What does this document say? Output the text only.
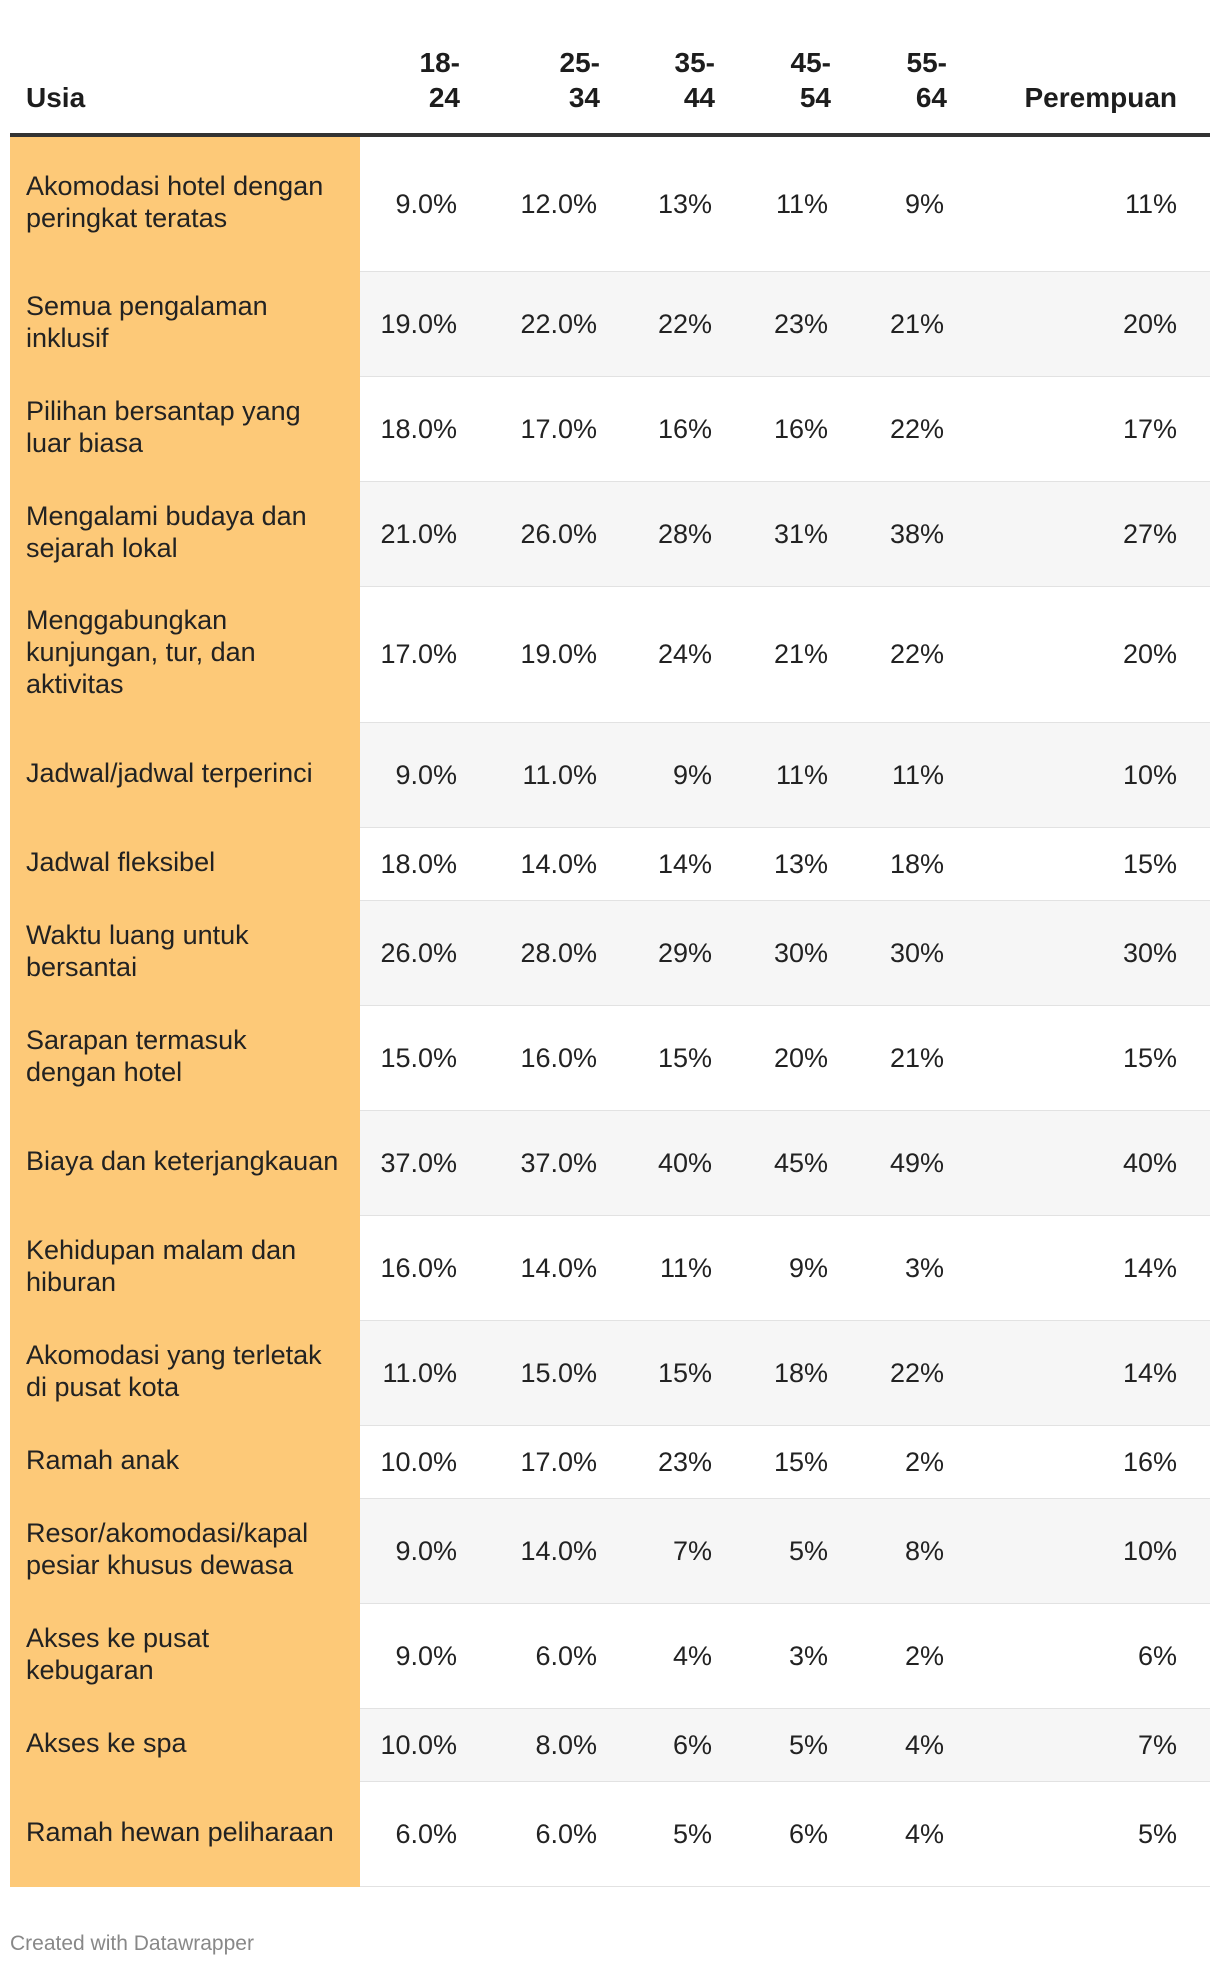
Usia	18-24	25-34	35-44	45-54	55-64	Perempuan
Akomodasi hotel dengan peringkat teratas	9.0%	12.0%	13%	11%	9%	11%
Semua pengalaman inklusif	19.0%	22.0%	22%	23%	21%	20%
Pilihan bersantap yang luar biasa	18.0%	17.0%	16%	16%	22%	17%
Mengalami budaya dan sejarah lokal	21.0%	26.0%	28%	31%	38%	27%
Menggabungkan kunjungan, tur, dan aktivitas	17.0%	19.0%	24%	21%	22%	20%
Jadwal/jadwal terperinci	9.0%	11.0%	9%	11%	11%	10%
Jadwal fleksibel	18.0%	14.0%	14%	13%	18%	15%
Waktu luang untuk bersantai	26.0%	28.0%	29%	30%	30%	30%
Sarapan termasuk dengan hotel	15.0%	16.0%	15%	20%	21%	15%
Biaya dan keterjangkauan	37.0%	37.0%	40%	45%	49%	40%
Kehidupan malam dan hiburan	16.0%	14.0%	11%	9%	3%	14%
Akomodasi yang terletak di pusat kota	11.0%	15.0%	15%	18%	22%	14%
Ramah anak	10.0%	17.0%	23%	15%	2%	16%
Resor/akomodasi/kapal pesiar khusus dewasa	9.0%	14.0%	7%	5%	8%	10%
Akses ke pusat kebugaran	9.0%	6.0%	4%	3%	2%	6%
Akses ke spa	10.0%	8.0%	6%	5%	4%	7%
Ramah hewan peliharaan	6.0%	6.0%	5%	6%	4%	5%
Created with Datawrapper
